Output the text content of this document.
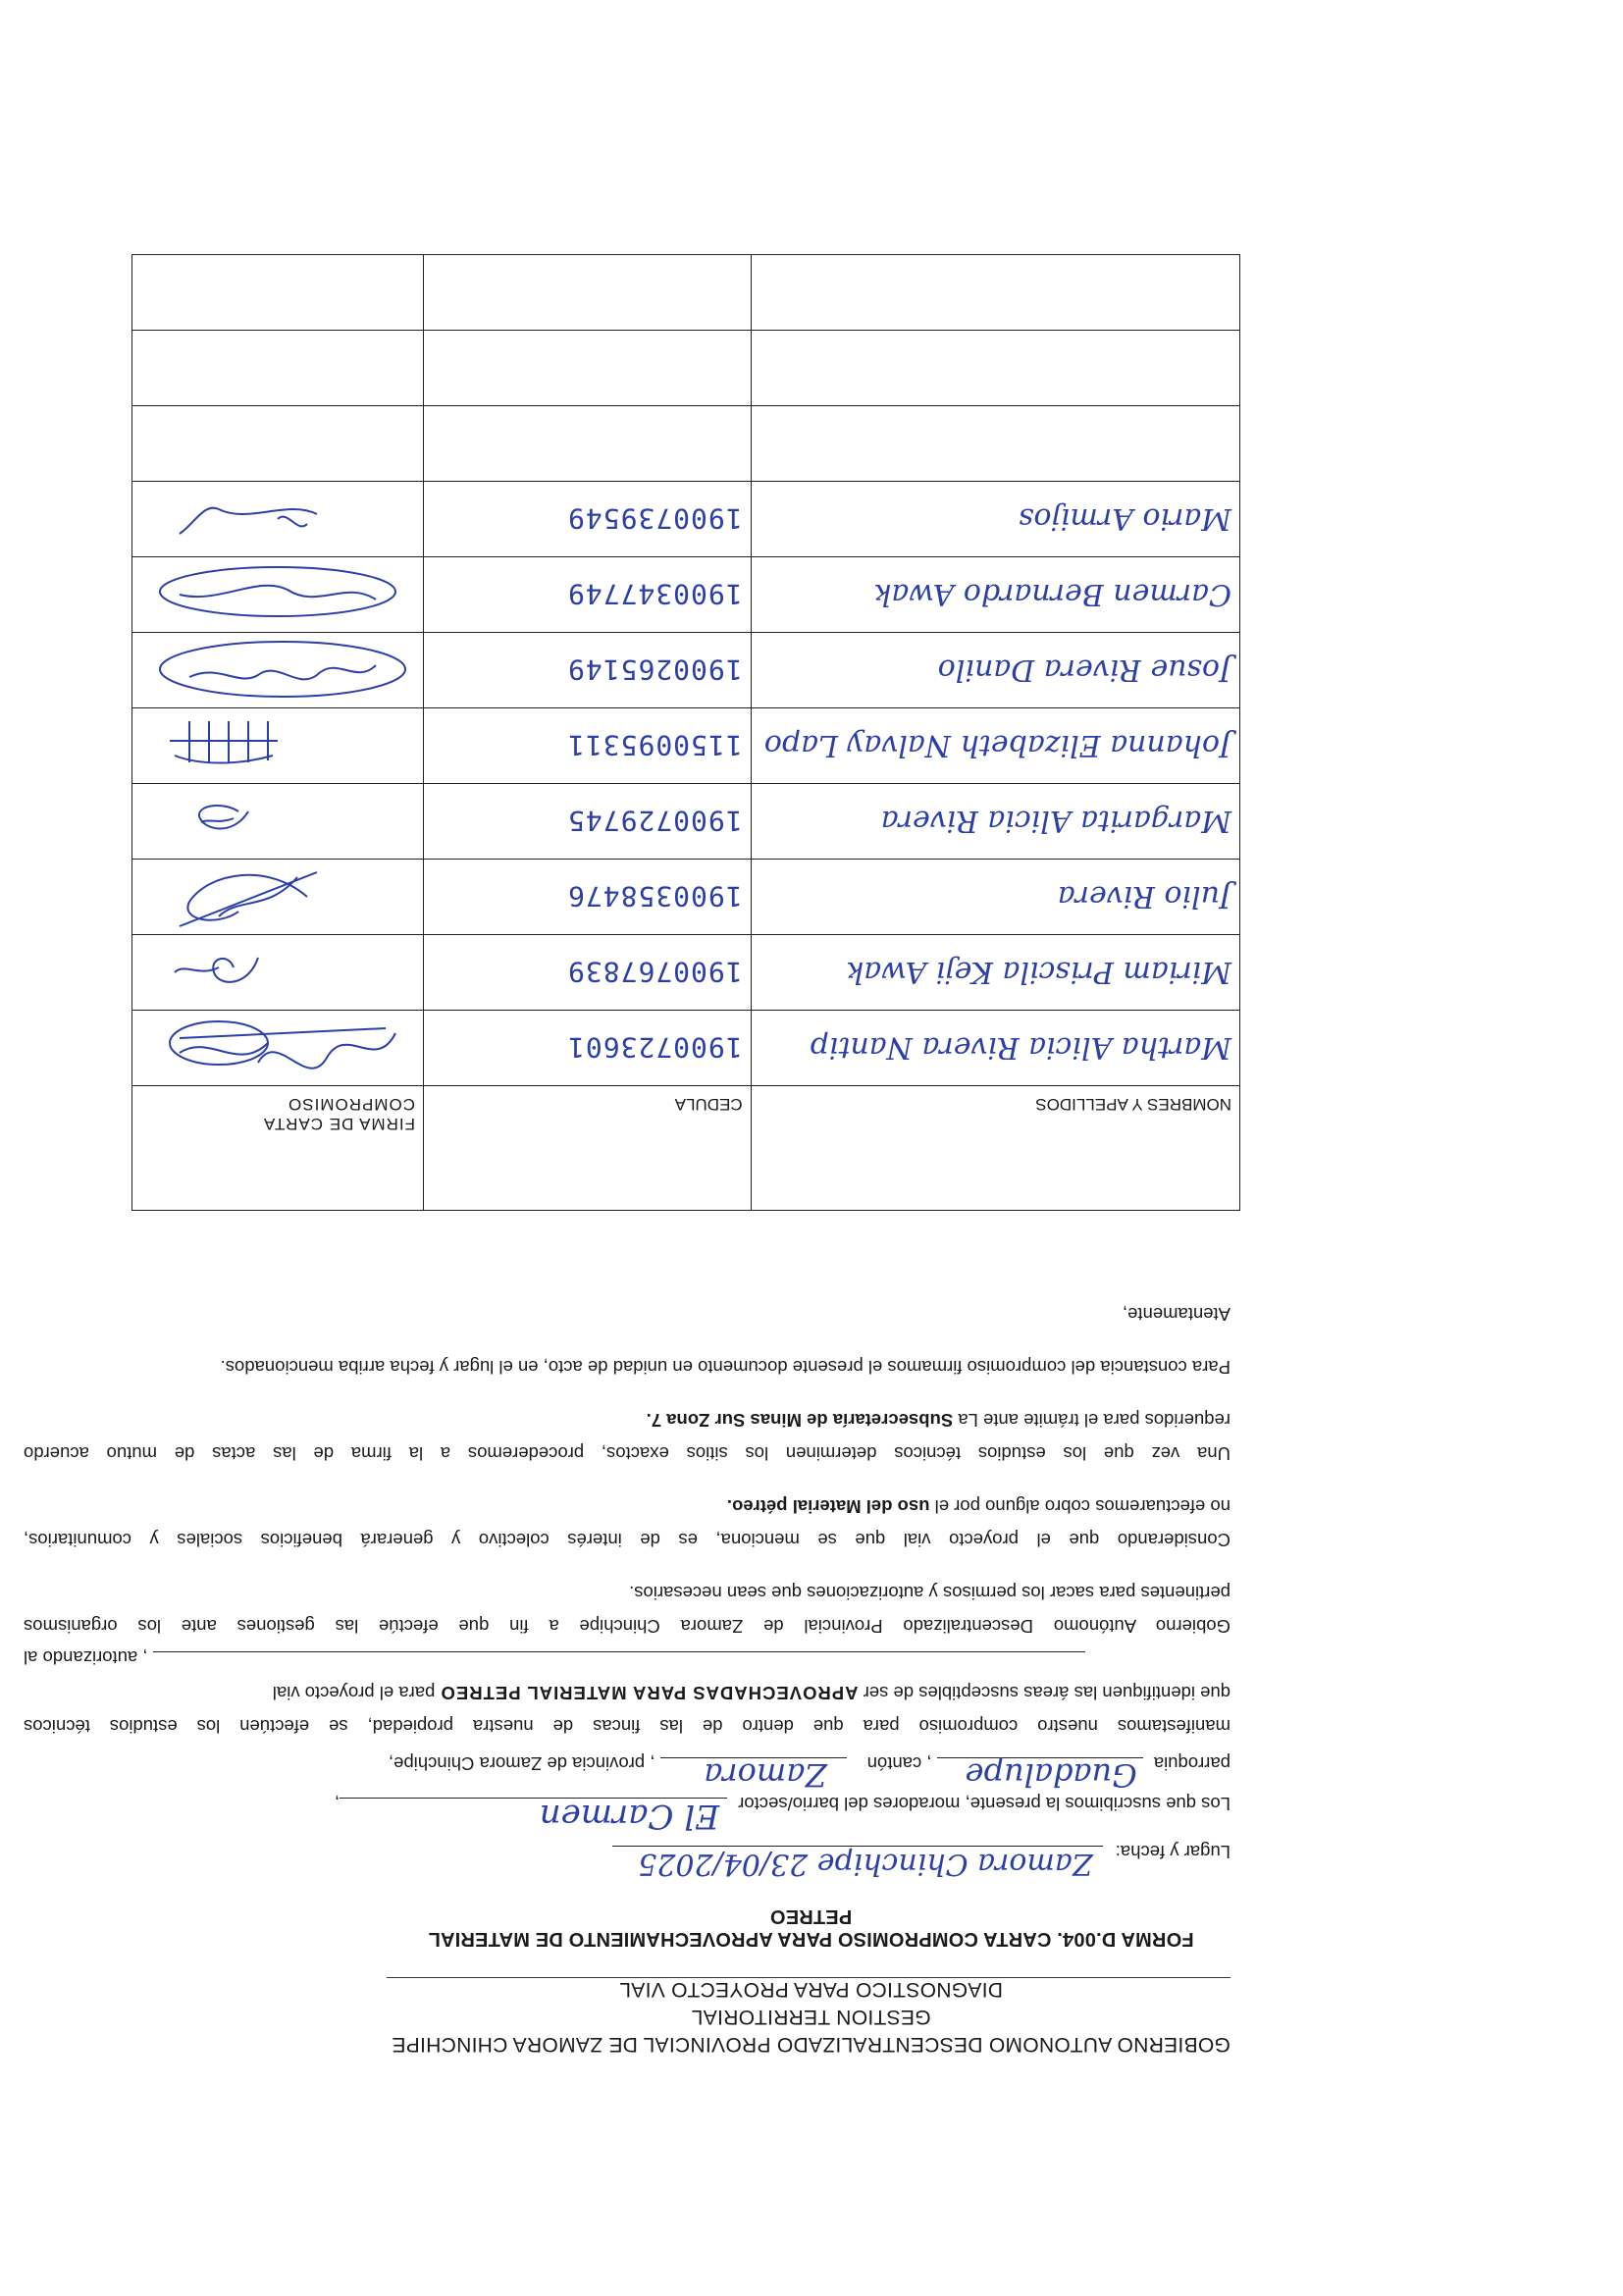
GOBIERNO AUTONOMO DESCENTRALIZADO PROVINCIAL DE ZAMORA CHINCHIPE
GESTION TERRITORIAL
DIAGNOSTICO PARA PROYECTO VIAL
FORMA D.004. CARTA COMPROMISO PARA APROVECHAMIENTO DE MATERIAL PETREO
Lugar y fecha:
Zamora Chinchipe 23/04/2025
Los que suscribimos la presente, moradores del barrio/sector
El Carmen
,
parroquia
Guadalupe
, cantón
Zamora
, provincia de Zamora Chinchipe,
manifestamos nuestro compromiso para que dentro de las fincas de nuestra propiedad, se efectúen los estudios técnicos
que identifiquen las áreas susceptibles de ser APROVECHADAS PARA MATERIAL PETREO para el proyecto vial
, autorizando al
Gobierno Autónomo Descentralizado Provincial de Zamora Chinchipe a fin que efectúe las gestiones ante los organismos
pertinentes para sacar los permisos y autorizaciones que sean necesarios.
Considerando que el proyecto vial que se menciona, es de interés colectivo y generará beneficios sociales y comunitarios,
no efectuaremos cobro alguno por el uso del Material pétreo.
Una vez que los estudios técnicos determinen los sitios exactos, procederemos a la firma de las actas de mutuo acuerdo
requeridos para el trámite ante La Subsecretaría de Minas Sur Zona 7.
Para constancia del compromiso firmamos el presente documento en unidad de acto, en el lugar y fecha arriba mencionados.
Atentamente,
NOMBRES Y APELLIDOS	CEDULA	FIRMA DE CARTA COMPROMISO
Martha Alicia Rivera Nantip	1900723601	

Miriam Priscila Keji Awak	1900767839	

Julio Rivera	1900358476	

Margarita Alicia Rivera	1900729745	

Johanna Elizabeth Nalvay Lapo	1150095311	

Josue Rivera Danilo	1900265149	

Carmen Bernardo Awak	1900347749	

Mario Armijos	1900739549	
